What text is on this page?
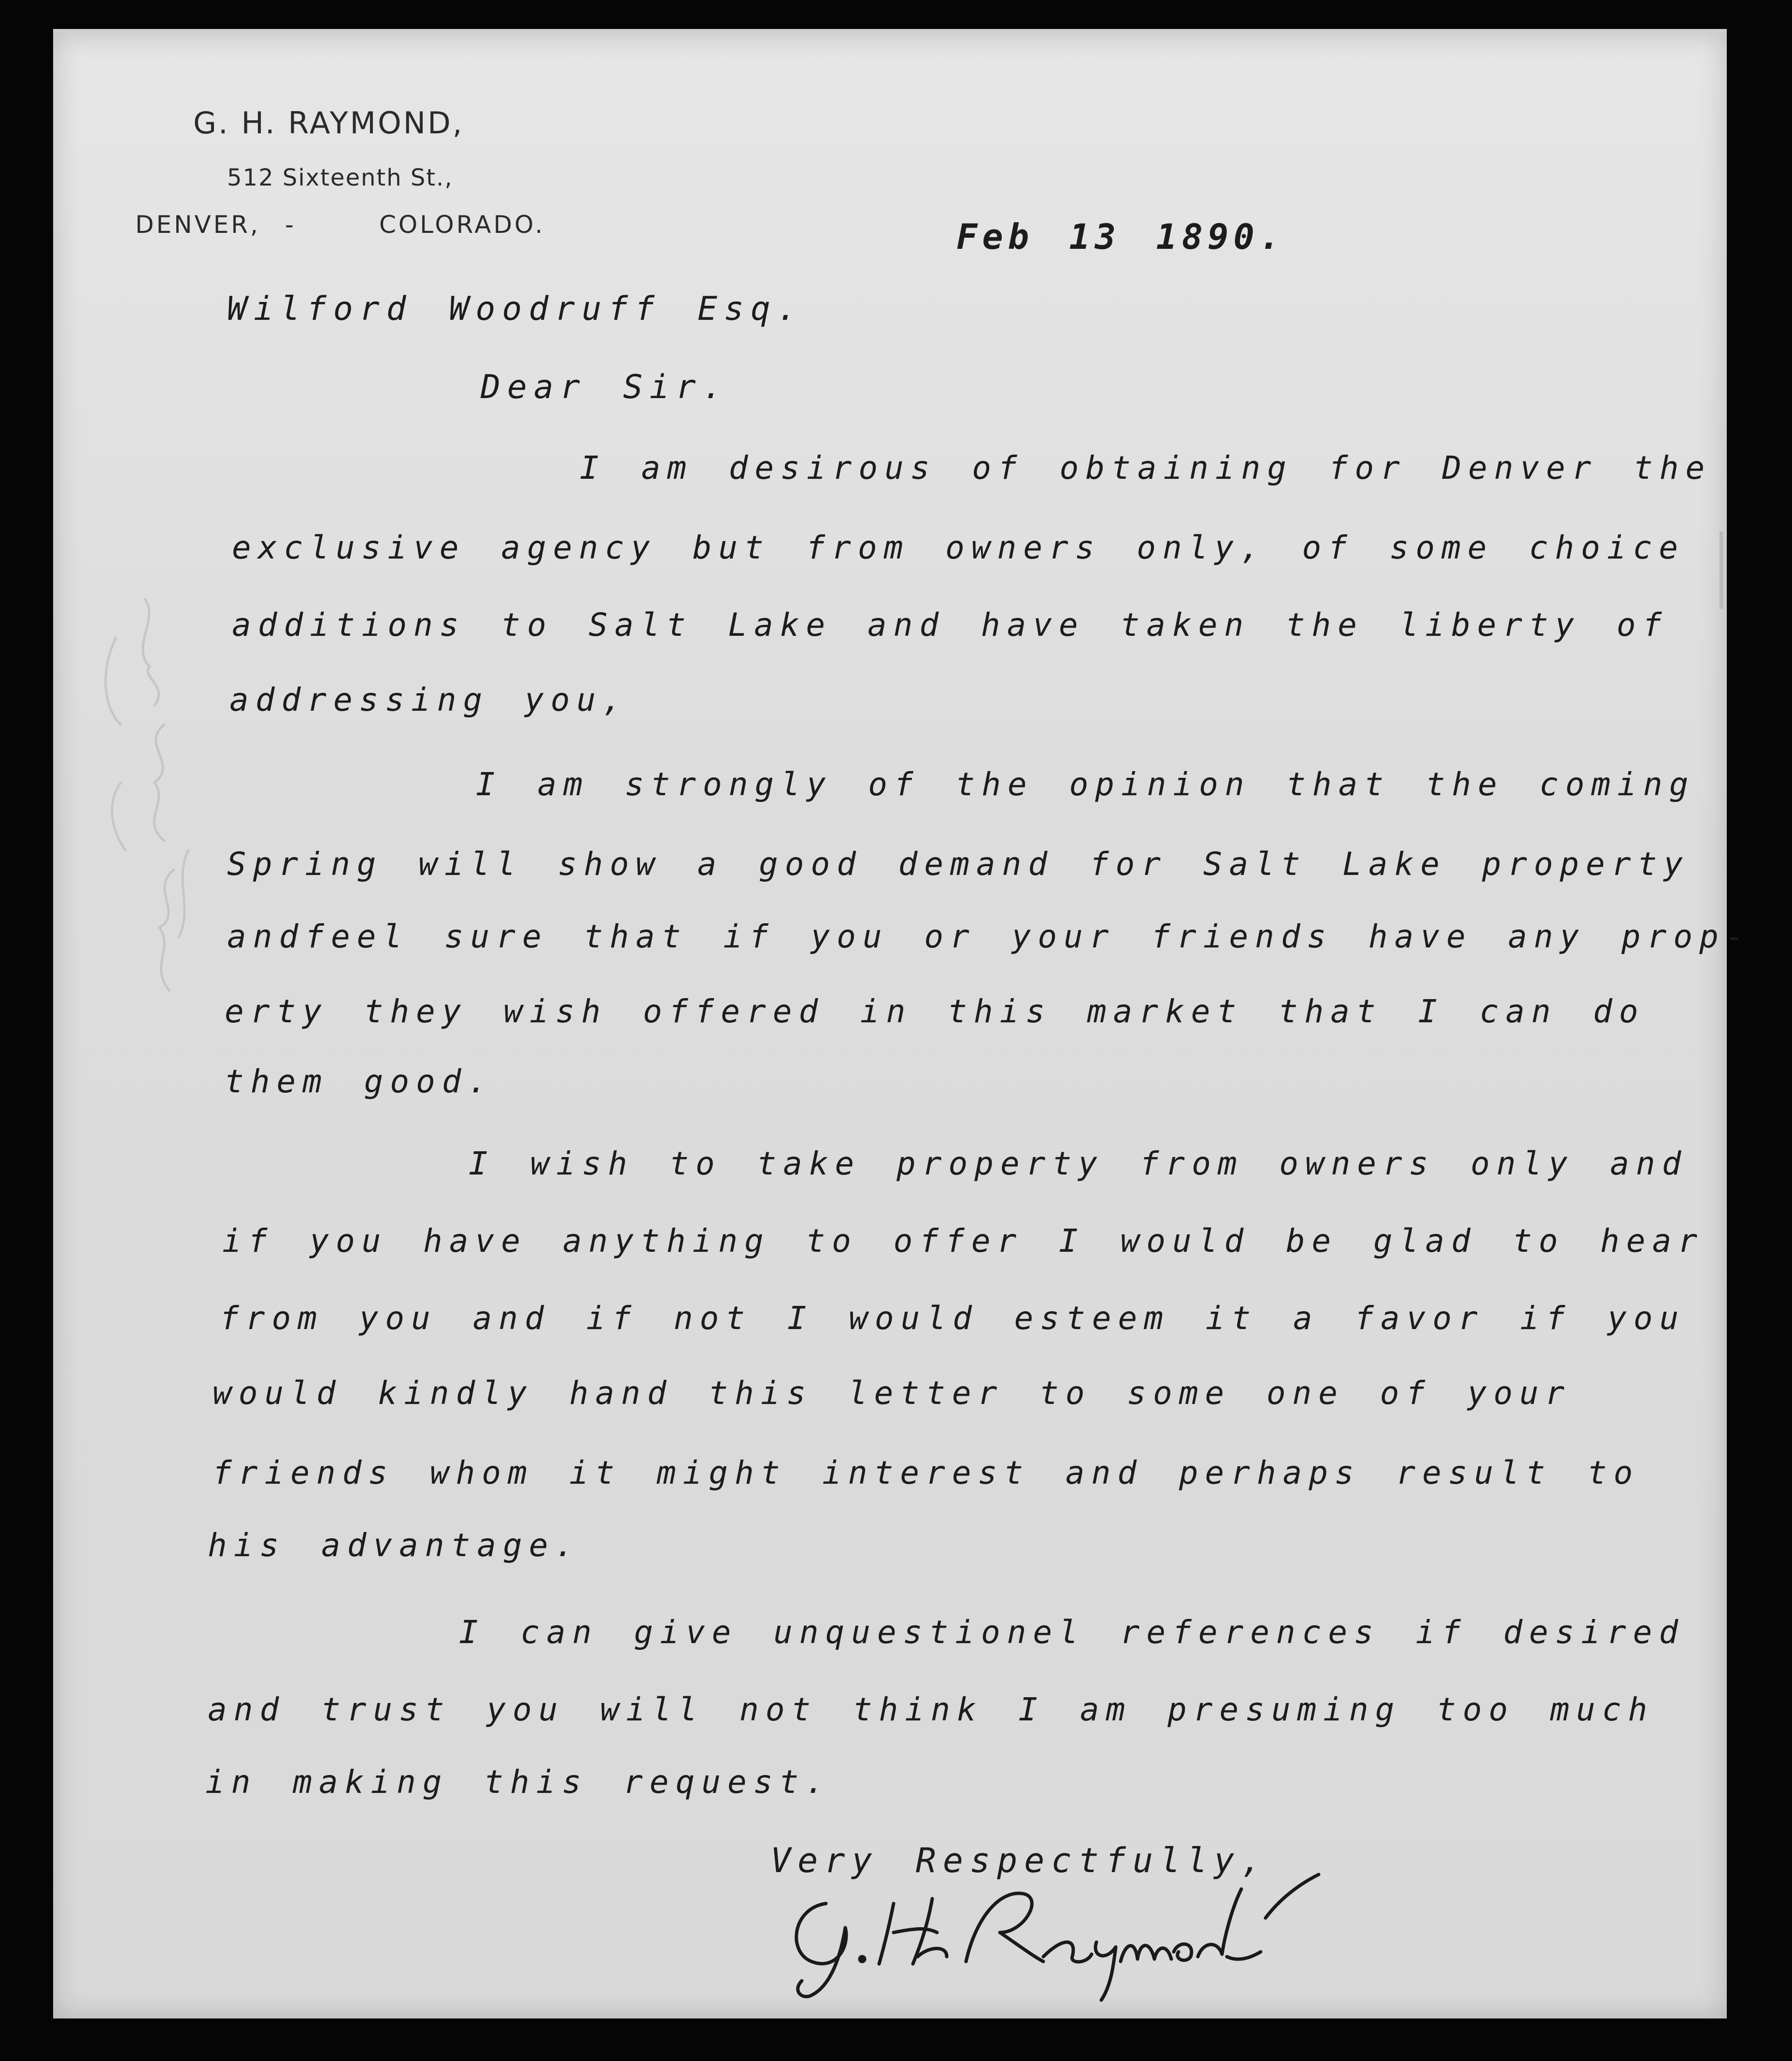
G. H. RAYMOND,
512 Sixteenth St.,
DENVER, -	COLORADO.	Feb 13 1890.
Wilford Woodruff Esq.
Dear Sir.
I am desirous of obtaining for Denver the
exclusive agency but from owners only, of some choice
additions to Salt Lake and have taken the liberty of
addressing you,
I am strongly of the opinion that the coming
Spring will show a good demand for Salt Lake property
andfeel sure that if you or your friends have any prop-
erty they wish offered in this market that I can do
them good.
I wish to take property from owners only and
if you have anything to offer I would be glad to hear
from you and if not I would esteem it a favor if you
would kindly hand this letter to some one of your
friends whom it might interest and perhaps result to
his advantage.
I can give unquestionel references if desired
and trust you will not think I am presuming too much
in making this request.
Very Respectfully,
